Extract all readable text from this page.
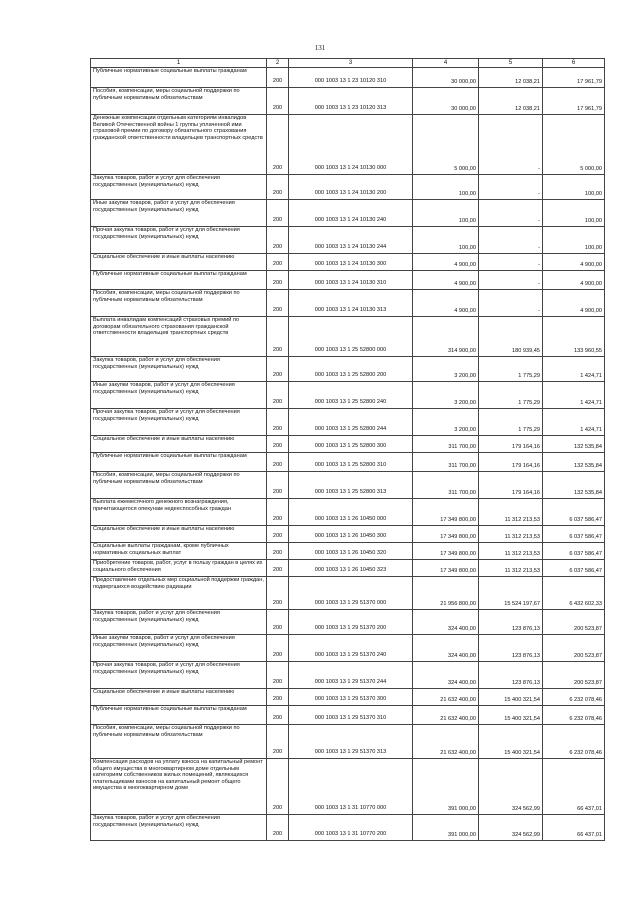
131
1	2	3	4	5	6
Публичные нормативные социальные выплаты гражданам	200	000 1003 13 1 23 10120 310	30 000,00	12 038,21	17 961,79
Пособия, компенсации, меры социальной поддержки по публичным нормативным обязательствам	200	000 1003 13 1 23 10120 313	30 000,00	12 038,21	17 961,79
Денежные компенсации отдельным категориям инвалидов Великой Отечественной войны 1 группы уплаченной ими страховой премии по договору обязательного страхования гражданской ответственности владельцев транспортных средств	200	000 1003 13 1 24 10130 000	5 000,00	-	5 000,00
Закупка товаров, работ и услуг для обеспечения государственных (муниципальных) нужд	200	000 1003 13 1 24 10130 200	100,00	-	100,00
Иные закупки товаров, работ и услуг для обеспечения государственных (муниципальных) нужд	200	000 1003 13 1 24 10130 240	100,00	-	100,00
Прочая закупка товаров, работ и услуг для обеспечения государственных (муниципальных) нужд	200	000 1003 13 1 24 10130 244	100,00	-	100,00
Социальное обеспечение и иные выплаты населению	200	000 1003 13 1 24 10130 300	4 900,00	-	4 900,00
Публичные нормативные социальные выплаты гражданам	200	000 1003 13 1 24 10130 310	4 900,00	-	4 900,00
Пособия, компенсации, меры социальной поддержки по публичным нормативным обязательствам	200	000 1003 13 1 24 10130 313	4 900,00	-	4 900,00
Выплата инвалидам компенсаций страховых премий по договорам обязательного страхования гражданской ответственности владельцев транспортных средств	200	000 1003 13 1 25 52800 000	314 900,00	180 939,45	133 960,55
Закупка товаров, работ и услуг для обеспечения государственных (муниципальных) нужд	200	000 1003 13 1 25 52800 200	3 200,00	1 775,29	1 424,71
Иные закупки товаров, работ и услуг для обеспечения государственных (муниципальных) нужд	200	000 1003 13 1 25 52800 240	3 200,00	1 775,29	1 424,71
Прочая закупка товаров, работ и услуг для обеспечения государственных (муниципальных) нужд	200	000 1003 13 1 25 52800 244	3 200,00	1 775,29	1 424,71
Социальное обеспечение и иные выплаты населению	200	000 1003 13 1 25 52800 300	311 700,00	179 164,16	132 535,84
Публичные нормативные социальные выплаты гражданам	200	000 1003 13 1 25 52800 310	311 700,00	179 164,16	132 535,84
Пособия, компенсации, меры социальной поддержки по публичным нормативным обязательствам	200	000 1003 13 1 25 52800 313	311 700,00	179 164,16	132 535,84
Выплата ежемесячного денежного вознаграждения, причитающегося опекунам недееспособных граждан	200	000 1003 13 1 26 10450 000	17 349 800,00	11 312 213,53	6 037 586,47
Социальное обеспечение и иные выплаты населению	200	000 1003 13 1 26 10450 300	17 349 800,00	11 312 213,53	6 037 586,47
Социальные выплаты гражданам, кроме публичных нормативных социальных выплат	200	000 1003 13 1 26 10450 320	17 349 800,00	11 312 213,53	6 037 586,47
Приобретение товаров, работ, услуг в пользу граждан в целях их социального обеспечения	200	000 1003 13 1 26 10450 323	17 349 800,00	11 312 213,53	6 037 586,47
Предоставление отдельных мер социальной поддержки граждан, подвергшихся воздействию радиации	200	000 1003 13 1 29 51370 000	21 956 800,00	15 524 197,67	6 432 602,33
Закупка товаров, работ и услуг для обеспечения государственных (муниципальных) нужд	200	000 1003 13 1 29 51370 200	324 400,00	123 876,13	200 523,87
Иные закупки товаров, работ и услуг для обеспечения государственных (муниципальных) нужд	200	000 1003 13 1 29 51370 240	324 400,00	123 876,13	200 523,87
Прочая закупка товаров, работ и услуг для обеспечения государственных (муниципальных) нужд	200	000 1003 13 1 29 51370 244	324 400,00	123 876,13	200 523,87
Социальное обеспечение и иные выплаты населению	200	000 1003 13 1 29 51370 300	21 632 400,00	15 400 321,54	6 232 078,46
Публичные нормативные социальные выплаты гражданам	200	000 1003 13 1 29 51370 310	21 632 400,00	15 400 321,54	6 232 078,46
Пособия, компенсации, меры социальной поддержки по публичным нормативным обязательствам	200	000 1003 13 1 29 51370 313	21 632 400,00	15 400 321,54	6 232 078,46
Компенсация расходов на уплату взноса на капитальный ремонт общего имущества в многоквартирном доме отдельным категориям собственников жилых помещений, являющихся плательщиками взносов на капитальный ремонт общего имущества в многоквартирном доме	200	000 1003 13 1 31 10770 000	391 000,00	324 562,99	66 437,01
Закупка товаров, работ и услуг для обеспечения государственных (муниципальных) нужд	200	000 1003 13 1 31 10770 200	391 000,00	324 562,99	66 437,01
